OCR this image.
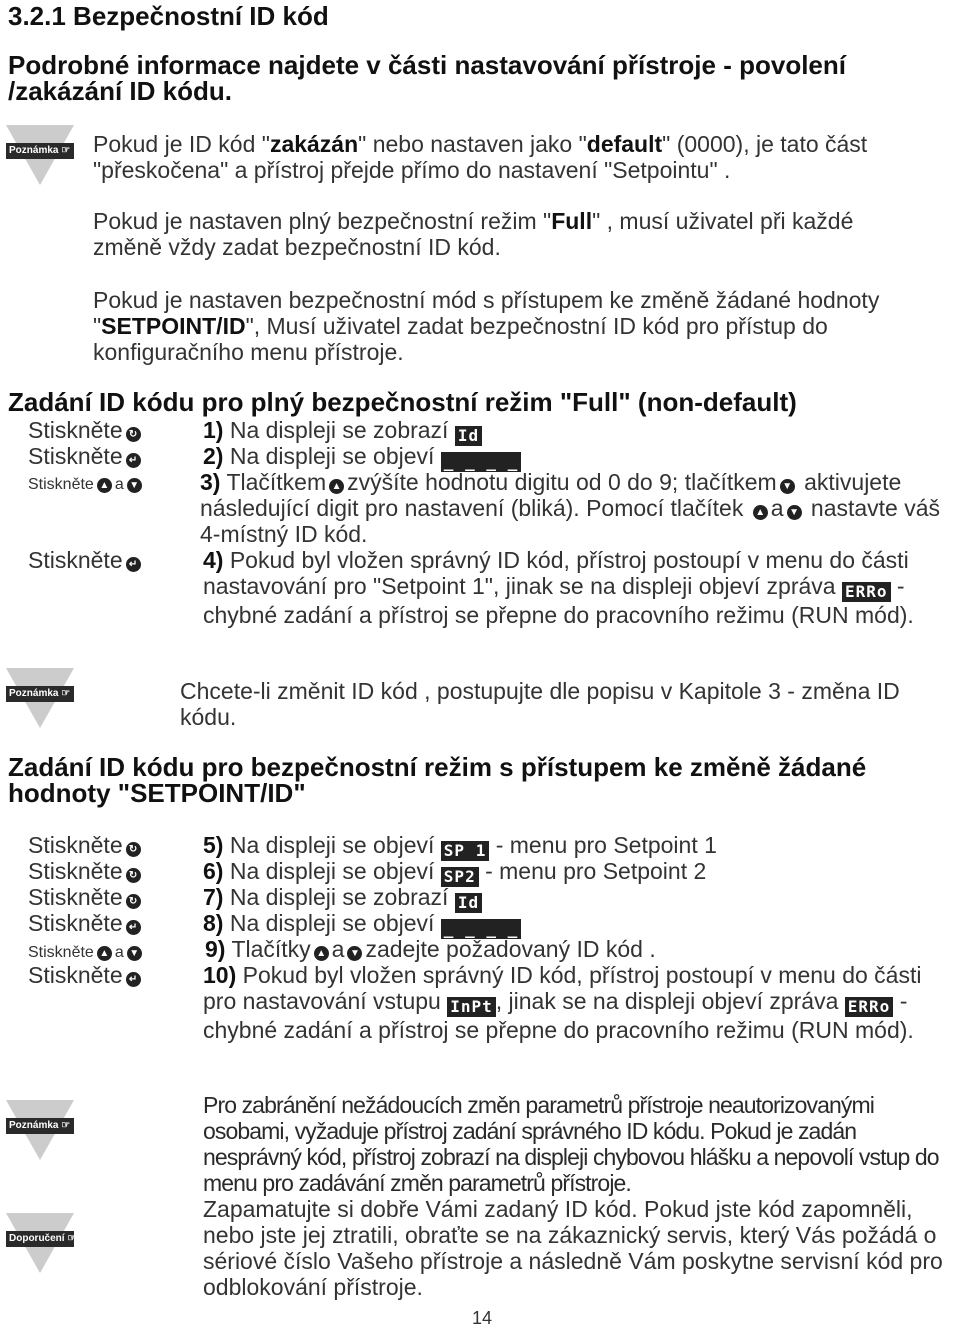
3.2.1 Bezpečnostní ID kód
Podrobné informace najdete v části nastavování přístroje - povolení /zakázání ID kódu.
Poznámka ☞ Pokud je ID kód "zakázán" nebo nastaven jako "default" (0000), je tato část "přeskočena" a přístroj přejde přímo do nastavení "Setpointu" .
Pokud je nastaven plný bezpečnostní režim "Full" , musí uživatel při každé změně vždy zadat bezpečnostní ID kód.
Pokud je nastaven bezpečnostní mód s přístupem ke změně žádané hodnoty "SETPOINT/ID", Musí uživatel zadat bezpečnostní ID kód pro přístup do konfiguračního menu přístroje.
Zadání ID kódu pro plný bezpečnostní režim "Full" (non-default)
Stiskněte ↻
Stiskněte ↵
Stiskněte ▲ a ▼
Stiskněte ↵
1) Na displeji se zobrazí Id
2) Na displeji se objeví _ _ _ _
3) Tlačítkem ▲ zvýšíte hodnotu digitu od 0 do 9; tlačítkem ▼ aktivujete následující digit pro nastavení (bliká). Pomocí tlačítek ▲ a ▼ nastavte váš 4-místný ID kód.
4) Pokud byl vložen správný ID kód, přístroj postoupí v menu do části nastavování pro "Setpoint 1", jinak se na displeji objeví zpráva ERRo - chybné zadání a přístroj se přepne do pracovního režimu (RUN mód).
Poznámka ☞	Chcete-li změnit ID kód , postupujte dle popisu v Kapitole 3 - změna ID kódu.
Zadání ID kódu pro bezpečnostní režim s přístupem ke změně žádané hodnoty "SETPOINT/ID"
Stiskněte ↻
Stiskněte ↻
Stiskněte ↻
Stiskněte ↵
Stiskněte ▲ a ▼
Stiskněte ↵
5) Na displeji se objeví SP 1 - menu pro Setpoint 1
6) Na displeji se objeví SP2 - menu pro Setpoint 2
7) Na displeji se zobrazí Id
8) Na displeji se objeví _ _ _ _
9) Tlačítky ▲ a ▼ zadejte požadovaný ID kód .
10) Pokud byl vložen správný ID kód, přístroj postoupí v menu do části pro nastavování vstupu InPt , jinak se na displeji objeví zpráva ERRo - chybné zadání a přístroj se přepne do pracovního režimu (RUN mód).
Poznámka ☞
Pro zabránění nežádoucích změn parametrů přístroje neautorizovanými osobami, vyžaduje přístroj zadání správného ID kódu. Pokud je zadán nesprávný kód, přístroj zobrazí na displeji chybovou hlášku a nepovolí vstup do menu pro zadávání změn parametrů přístroje.
Doporučení ☞
Zapamatujte si dobře Vámi zadaný ID kód. Pokud jste kód zapomněli, nebo jste jej ztratili, obraťte se na zákaznický servis, který Vás požádá o sériové číslo Vašeho přístroje a následně Vám poskytne servisní kód pro odblokování přístroje.
14
